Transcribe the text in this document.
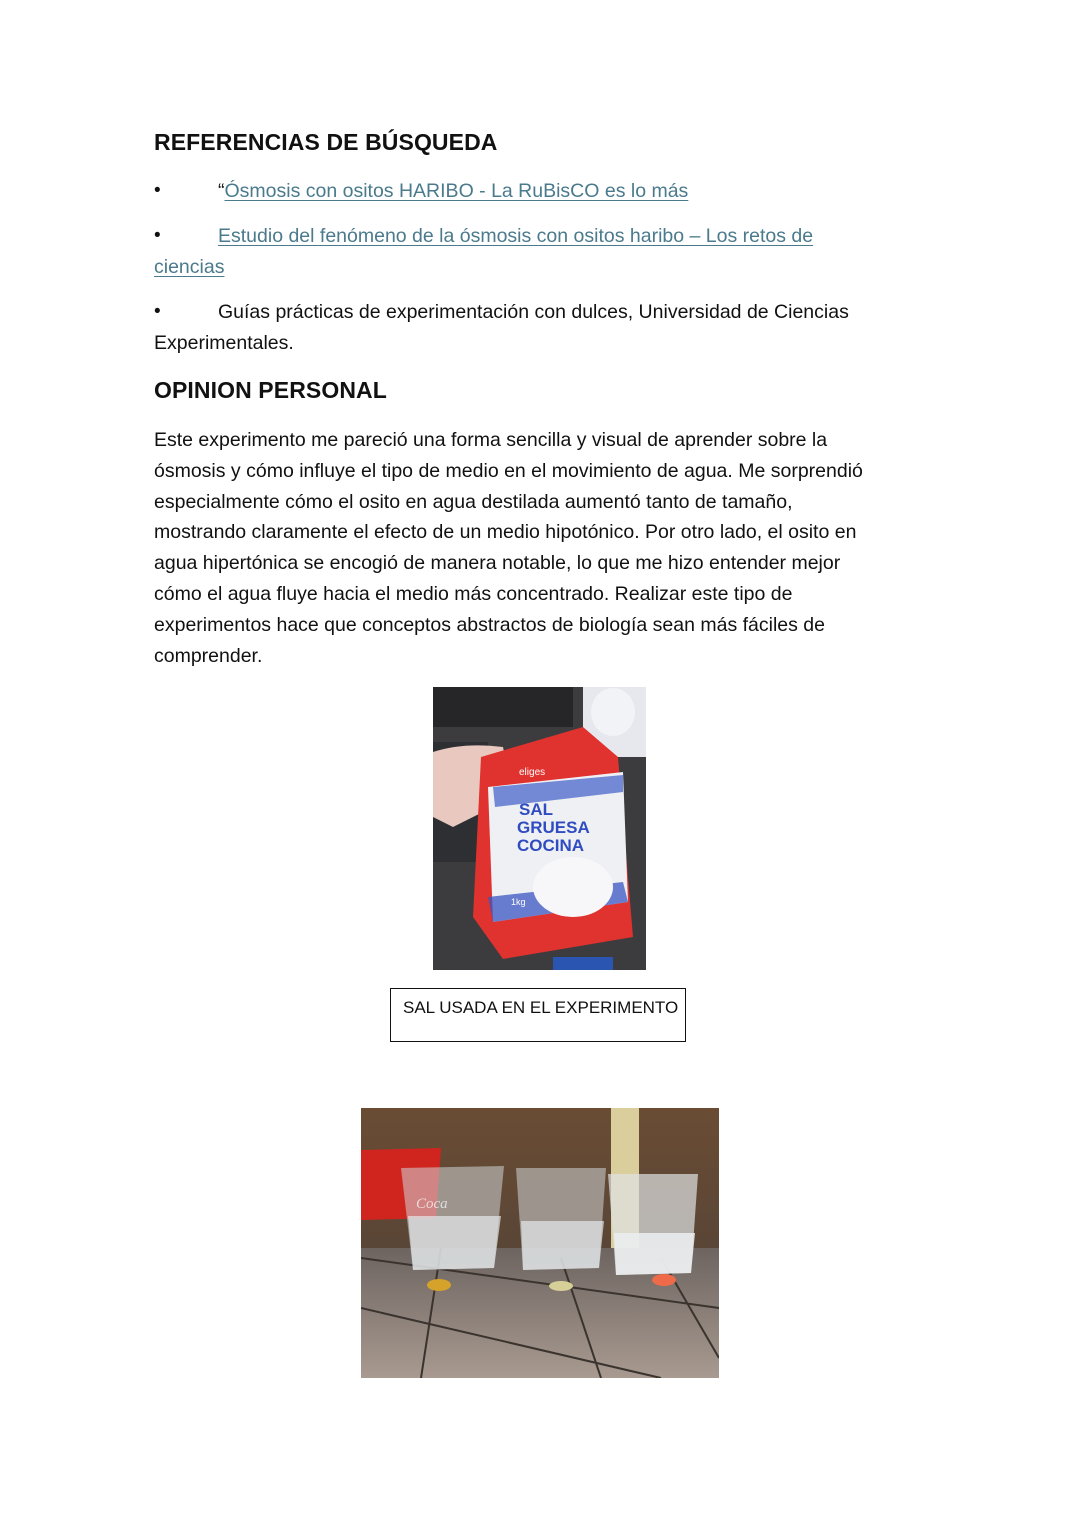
REFERENCIAS DE BÚSQUEDA
•	“Ósmosis con ositos HARIBO - La RuBisCO es lo más
•	Estudio del fenómeno de la ósmosis con ositos haribo – Los retos de
ciencias
•	Guías prácticas de experimentación con dulces, Universidad de Ciencias
Experimentales.
OPINION PERSONAL
Este experimento me pareció una forma sencilla y visual de aprender sobre la
ósmosis y cómo influye el tipo de medio en el movimiento de agua. Me sorprendió
especialmente cómo el osito en agua destilada aumentó tanto de tamaño,
mostrando claramente el efecto de un medio hipotónico. Por otro lado, el osito en
agua hipertónica se encogió de manera notable, lo que me hizo entender mejor
cómo el agua fluye hacia el medio más concentrado. Realizar este tipo de
experimentos hace que conceptos abstractos de biología sean más fáciles de
comprender.
eliges
SAL
GRUESA
COCINA
1kg
SAL USADA EN EL EXPERIMENTO
Coca
